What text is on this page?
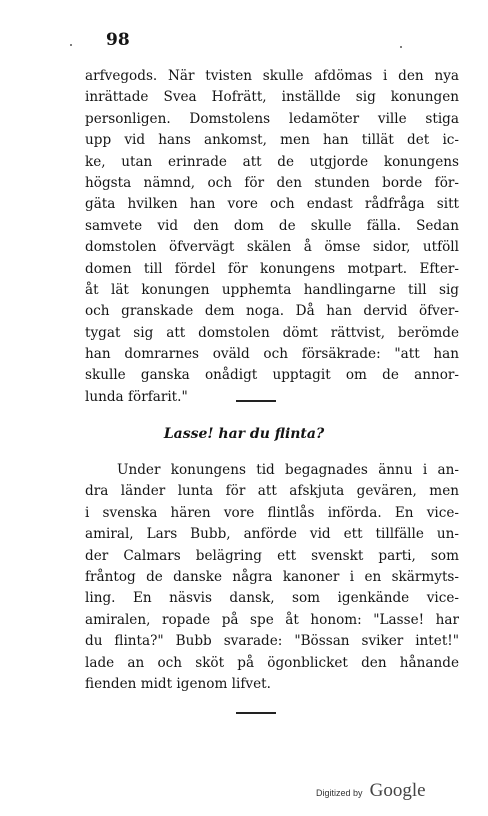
98
arfvegods. När tvisten skulle afdömas i den nya
inrättade Svea Hofrätt, inställde sig konungen
personligen. Domstolens ledamöter ville stiga
upp vid hans ankomst, men han tillät det ic-
ke, utan erinrade att de utgjorde konungens
högsta nämnd, och för den stunden borde för-
gäta hvilken han vore och endast rådfråga sitt
samvete vid den dom de skulle fälla. Sedan
domstolen öfvervägt skälen å ömse sidor, utföll
domen till fördel för konungens motpart. Efter-
åt lät konungen upphemta handlingarne till sig
och granskade dem noga. Då han dervid öfver-
tygat sig att domstolen dömt rättvist, berömde
han domrarnes oväld och försäkrade: "att han
skulle ganska onådigt upptagit om de annor-
lunda förfarit."
Lasse! har du flinta?
Under konungens tid begagnades ännu i an-
dra länder lunta för att afskjuta gevären, men
i svenska hären vore flintlås införda. En vice-
amiral, Lars Bubb, anförde vid ett tillfälle un-
der Calmars belägring ett svenskt parti, som
fråntog de danske några kanoner i en skärmyts-
ling. En näsvis dansk, som igenkände vice-
amiralen, ropade på spe åt honom: "Lasse! har
du flinta?" Bubb svarade: "Bössan sviker intet!"
lade an och sköt på ögonblicket den hånande
fienden midt igenom lifvet.
Digitized by Google
